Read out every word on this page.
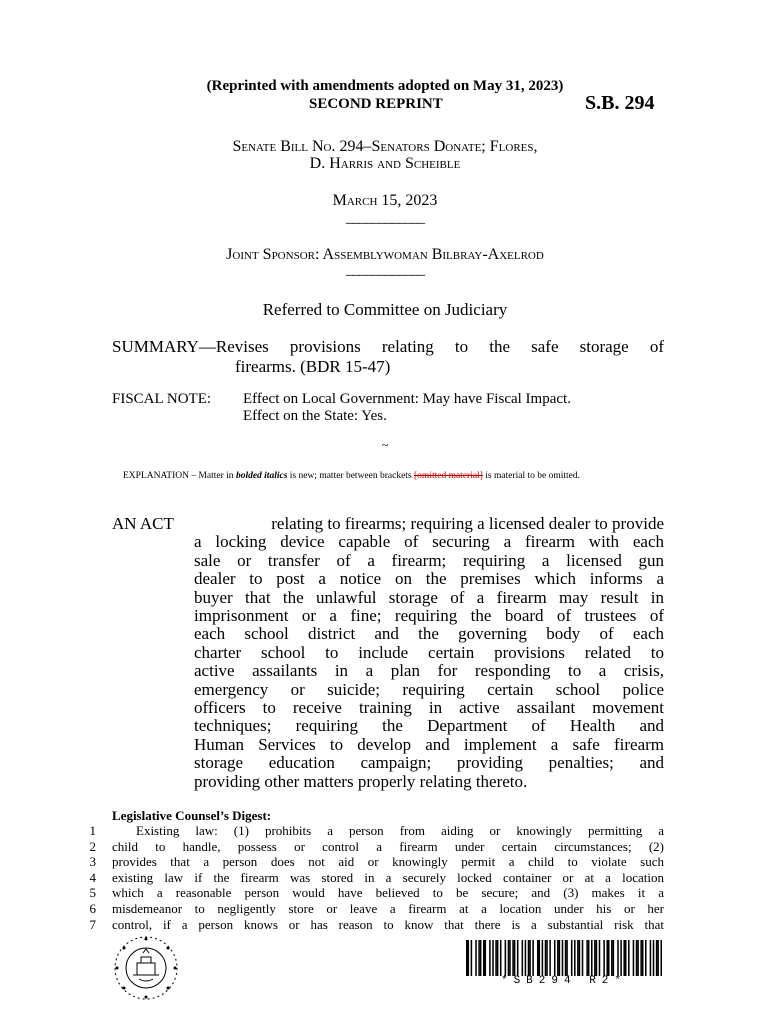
(Reprinted with amendments adopted on May 31, 2023)
SECOND REPRINT	S.B. 294
Senate Bill No. 294–Senators Donate; Flores,
D. Harris and Scheible
March 15, 2023
____________
Joint Sponsor: Assemblywoman Bilbray-Axelrod
____________
Referred to Committee on Judiciary
SUMMARY—Revises provisions relating to the safe storage of
firearms. (BDR 15-47)
FISCAL NOTE: Effect on Local Government: May have Fiscal Impact.
Effect on the State: Yes.
~
EXPLANATION – Matter in bolded italics is new; matter between brackets [omitted material] is material to be omitted.
AN ACT	relating to firearms; requiring a licensed dealer to provide
a locking device capable of securing a firearm with each
sale or transfer of a firearm; requiring a licensed gun
dealer to post a notice on the premises which informs a
buyer that the unlawful storage of a firearm may result in
imprisonment or a fine; requiring the board of trustees of
each school district and the governing body of each
charter school to include certain provisions related to
active assailants in a plan for responding to a crisis,
emergency or suicide; requiring certain school police
officers to receive training in active assailant movement
techniques; requiring the Department of Health and
Human Services to develop and implement a safe firearm
storage education campaign; providing penalties; and
providing other matters properly relating thereto.
Legislative Counsel’s Digest:
1
2
3
4
5
6
7
Existing law: (1) prohibits a person from aiding or knowingly permitting a
child to handle, possess or control a firearm under certain circumstances; (2)
provides that a person does not aid or knowingly permit a child to violate such
existing law if the firearm was stored in a securely locked container or at a location
which a reasonable person would have believed to be secure; and (3) makes it a
misdemeanor to negligently store or leave a firearm at a location under his or her
control, if a person knows or has reason to know that there is a substantial risk that
*SB294 R2*
